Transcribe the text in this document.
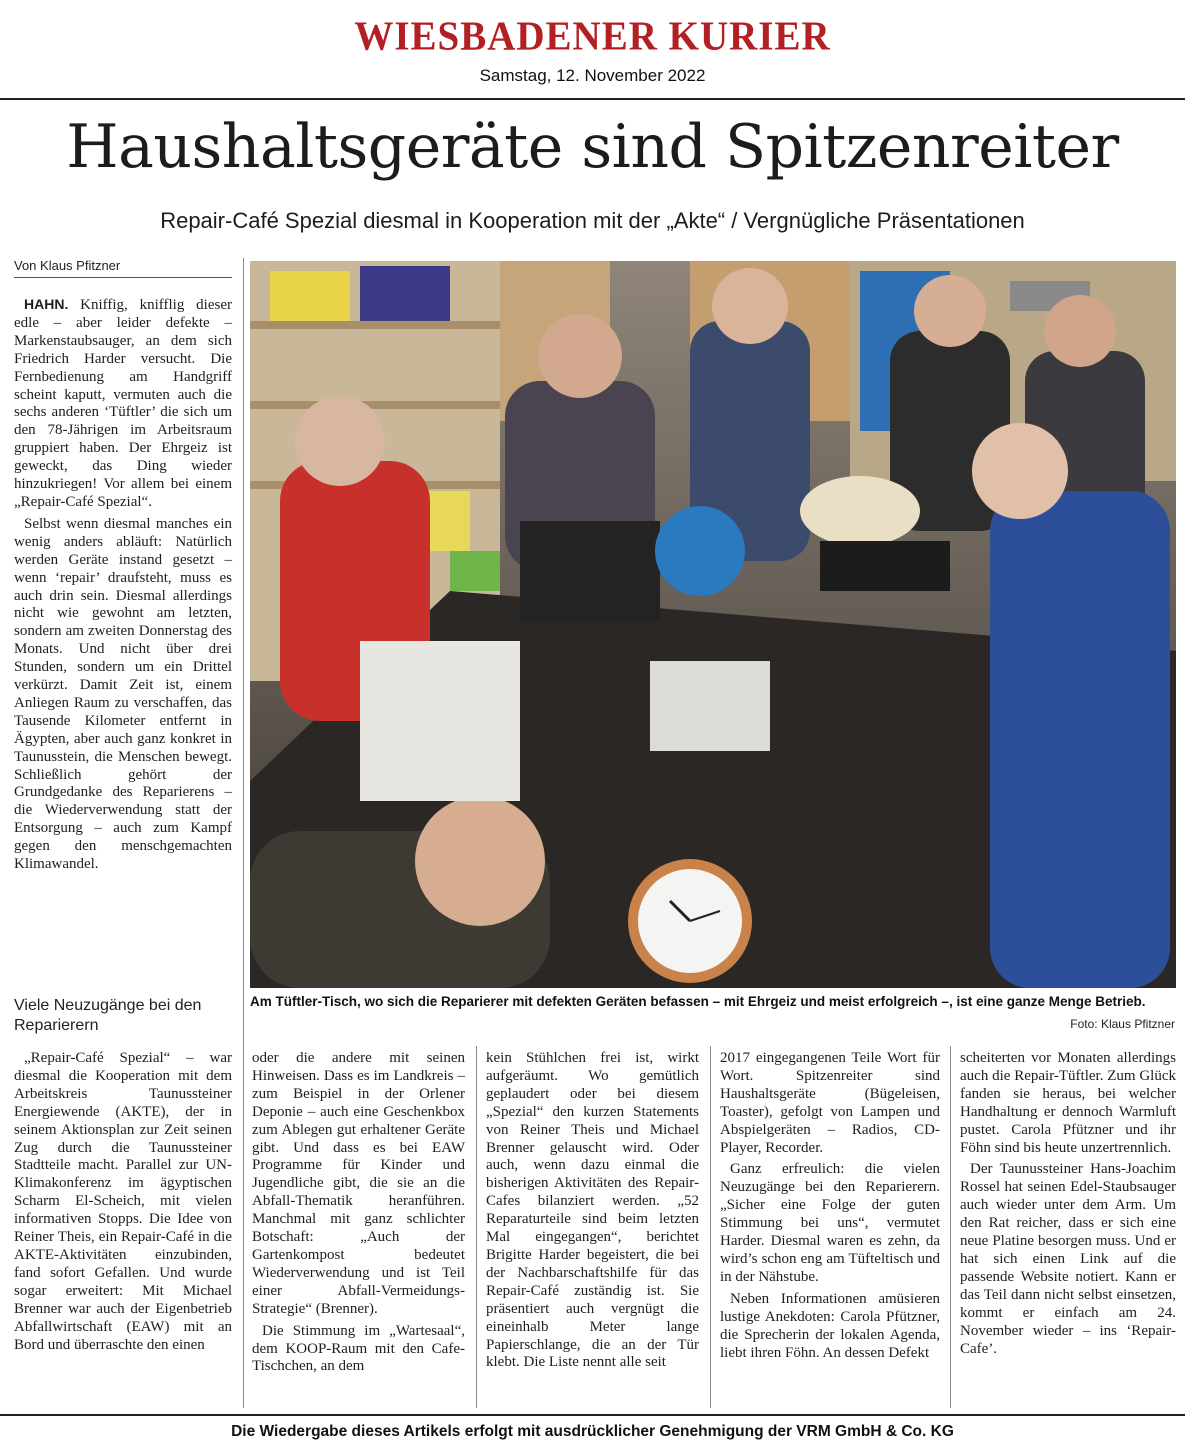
WIESBADENER KURIER
Samstag, 12. November 2022
Haushaltsgeräte sind Spitzenreiter
Repair-Café Spezial diesmal in Kooperation mit der „Akte“ / Vergnügliche Präsentationen
Von Klaus Pfitzner

HAHN. Kniffig, knifflig dieser edle – aber leider defekte – Markenstaubsauger, an dem sich Friedrich Harder versucht. Die Fernbedienung am Handgriff scheint kaputt, vermuten auch die sechs anderen ‘Tüftler’ die sich um den 78-Jährigen im Arbeitsraum gruppiert haben. Der Ehrgeiz ist geweckt, das Ding wieder hinzukriegen! Vor allem bei einem „Repair-Café Spezial“.

Selbst wenn diesmal manches ein wenig anders abläuft: Natürlich werden Geräte instand gesetzt – wenn ‘repair’ draufsteht, muss es auch drin sein. Diesmal allerdings nicht wie gewohnt am letzten, sondern am zweiten Donnerstag des Monats. Und nicht über drei Stunden, sondern um ein Drittel verkürzt. Damit Zeit ist, einem Anliegen Raum zu verschaffen, das Tausende Kilometer entfernt in Ägypten, aber auch ganz konkret in Taunusstein, die Menschen bewegt. Schließlich gehört der Grundgedanke des Reparierens – die Wiederverwendung statt der Entsorgung – auch zum Kampf gegen den menschgemachten Klimawandel.

Viele Neuzugänge bei den Reparierern

„Repair-Café Spezial“ – war diesmal die Kooperation mit dem Arbeitskreis Taunussteiner Energiewende (AKTE), der in seinem Aktionsplan zur Zeit seinen Zug durch die Taunussteiner Stadtteile macht. Parallel zur UN-Klimakonferenz im ägyptischen Scharm El-Scheich, mit vielen informativen Stopps. Die Idee von Reiner Theis, ein Repair-Café in die AKTE-Aktivitäten einzubinden, fand sofort Gefallen. Und wurde sogar erweitert: Mit Michael Brenner war auch der Eigenbetrieb Abfallwirtschaft (EAW) mit an Bord und überraschte den einen

Am Tüftler-Tisch, wo sich die Reparierer mit defekten Geräten befassen – mit Ehrgeiz und meist erfolgreich –, ist eine ganze Menge Betrieb.
Foto: Klaus Pfitzner

oder die andere mit seinen Hinweisen. Dass es im Landkreis – zum Beispiel in der Orlener Deponie – auch eine Geschenkbox zum Ablegen gut erhaltener Geräte gibt. Und dass es bei EAW Programme für Kinder und Jugendliche gibt, die sie an die Abfall-Thematik heranführen. Manchmal mit ganz schlichter Botschaft: „Auch der Gartenkompost bedeutet Wiederverwendung und ist Teil einer Abfall-Vermeidungs-Strategie“ (Brenner).

Die Stimmung im „Wartesaal“, dem KOOP-Raum mit den Cafe-Tischchen, an dem

kein Stühlchen frei ist, wirkt aufgeräumt. Wo gemütlich geplaudert oder bei diesem „Spezial“ den kurzen Statements von Reiner Theis und Michael Brenner gelauscht wird. Oder auch, wenn dazu einmal die bisherigen Aktivitäten des Repair-Cafes bilanziert werden. „52 Reparaturteile sind beim letzten Mal eingegangen“, berichtet Brigitte Harder begeistert, die bei der Nachbarschaftshilfe für das Repair-Café zuständig ist. Sie präsentiert auch vergnügt die eineinhalb Meter lange Papierschlange, die an der Tür klebt. Die Liste nennt alle seit

2017 eingegangenen Teile Wort für Wort. Spitzenreiter sind Haushaltsgeräte (Bügeleisen, Toaster), gefolgt von Lampen und Abspielgeräten – Radios, CD-Player, Recorder.

Ganz erfreulich: die vielen Neuzugänge bei den Reparierern. „Sicher eine Folge der guten Stimmung bei uns“, vermutet Harder. Diesmal waren es zehn, da wird’s schon eng am Tüfteltisch und in der Nähstube.

Neben Informationen amüsieren lustige Anekdoten: Carola Pfützner, die Sprecherin der lokalen Agenda, liebt ihren Föhn. An dessen Defekt

scheiterten vor Monaten allerdings auch die Repair-Tüftler. Zum Glück fanden sie heraus, bei welcher Handhaltung er dennoch Warmluft pustet. Carola Pfützner und ihr Föhn sind bis heute unzertrennlich.

Der Taunussteiner Hans-Joachim Rossel hat seinen Edel-Staubsauger auch wieder unter dem Arm. Um den Rat reicher, dass er sich eine neue Platine besorgen muss. Und er hat sich einen Link auf die passende Website notiert. Kann er das Teil dann nicht selbst einsetzen, kommt er einfach am 24. November wieder – ins ‘Repair-Cafe’.

Die Wiedergabe dieses Artikels erfolgt mit ausdrücklicher Genehmigung der VRM GmbH & Co. KG
